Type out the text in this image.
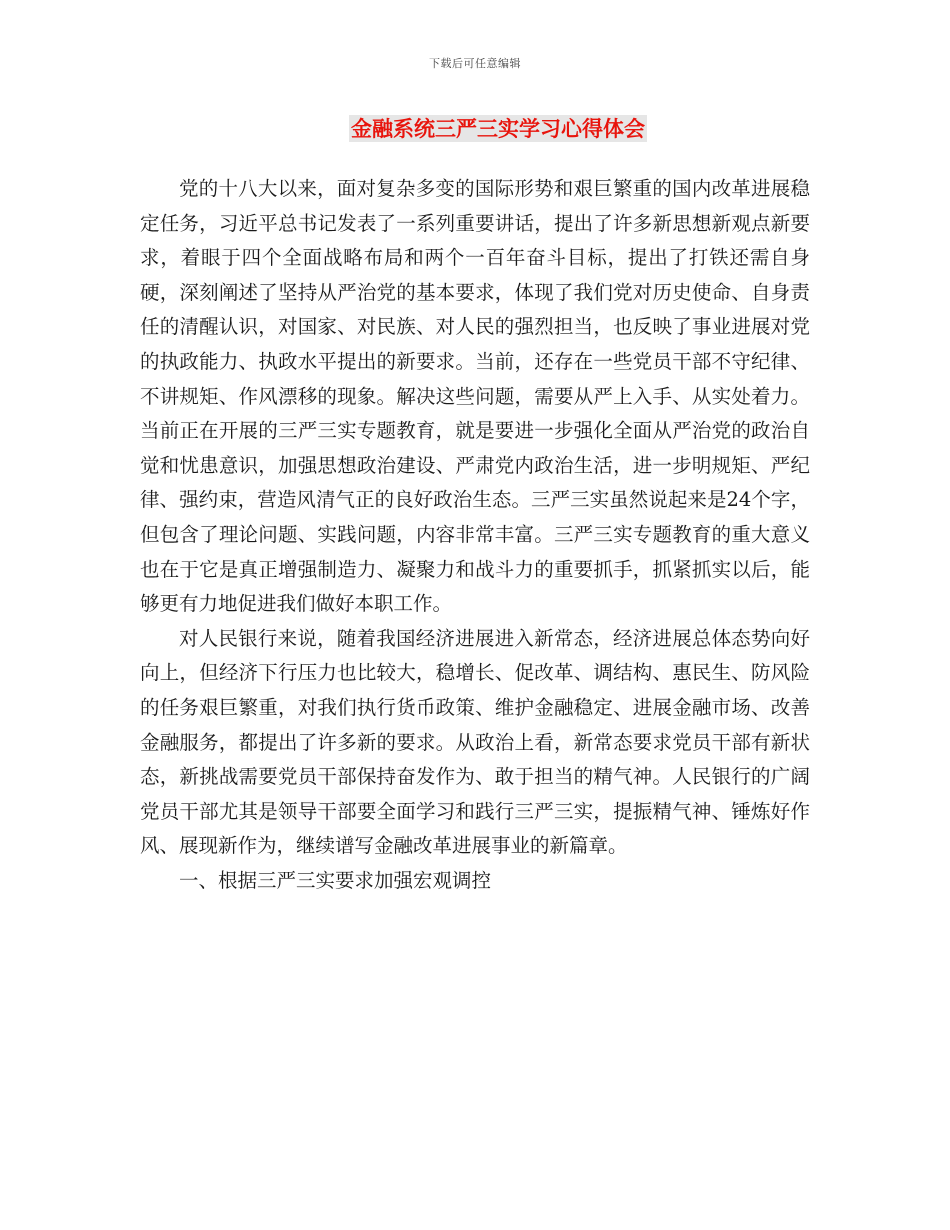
下载后可任意编辑
金融系统三严三实学习心得体会

党的十八大以来，面对复杂多变的国际形势和艰巨繁重的国内改革进展稳定任务，习近平总书记发表了一系列重要讲话，提出了许多新思想新观点新要求，着眼于四个全面战略布局和两个一百年奋斗目标，提出了打铁还需自身硬，深刻阐述了坚持从严治党的基本要求，体现了我们党对历史使命、自身责任的清醒认识，对国家、对民族、对人民的强烈担当，也反映了事业进展对党的执政能力、执政水平提出的新要求。当前，还存在一些党员干部不守纪律、不讲规矩、作风漂移的现象。解决这些问题，需要从严上入手、从实处着力。当前正在开展的三严三实专题教育，就是要进一步强化全面从严治党的政治自觉和忧患意识，加强思想政治建设、严肃党内政治生活，进一步明规矩、严纪律、强约束，营造风清气正的良好政治生态。三严三实虽然说起来是24个字，但包含了理论问题、实践问题，内容非常丰富。三严三实专题教育的重大意义也在于它是真正增强制造力、凝聚力和战斗力的重要抓手，抓紧抓实以后，能够更有力地促进我们做好本职工作。

对人民银行来说，随着我国经济进展进入新常态，经济进展总体态势向好向上，但经济下行压力也比较大，稳增长、促改革、调结构、惠民生、防风险的任务艰巨繁重，对我们执行货币政策、维护金融稳定、进展金融市场、改善金融服务，都提出了许多新的要求。从政治上看，新常态要求党员干部有新状态，新挑战需要党员干部保持奋发作为、敢于担当的精气神。人民银行的广阔党员干部尤其是领导干部要全面学习和践行三严三实，提振精气神、锤炼好作风、展现新作为，继续谱写金融改革进展事业的新篇章。

一、根据三严三实要求加强宏观调控
